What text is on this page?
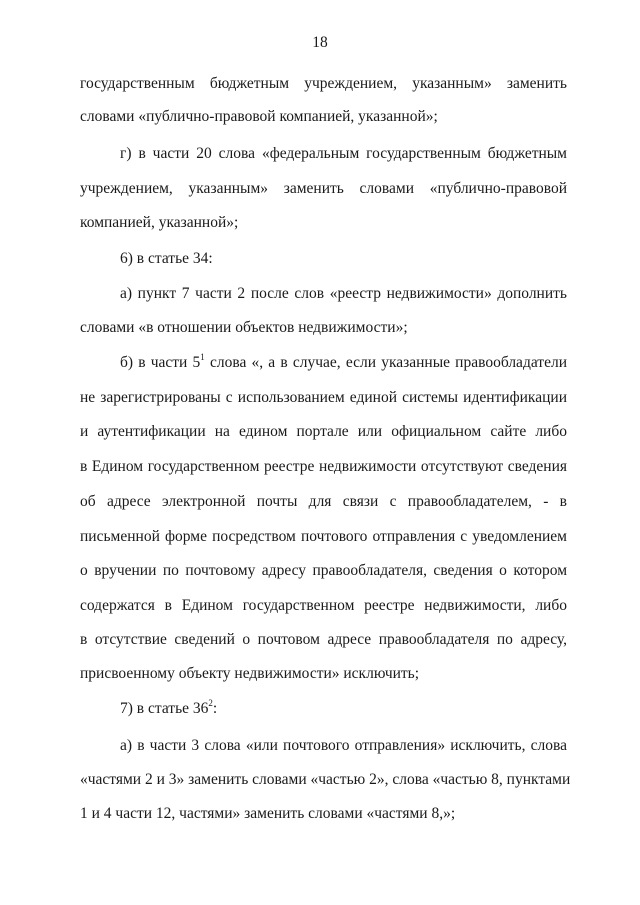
18
государственным бюджетным учреждением, указанным» заменить
словами «публично-правовой компанией, указанной»;
г) в части 20 слова «федеральным государственным бюджетным
учреждением, указанным» заменить словами «публично-правовой
компанией, указанной»;
6) в статье 34:
а) пункт 7 части 2 после слов «реестр недвижимости» дополнить
словами «в отношении объектов недвижимости»;
б) в части $5^1$ слова «, а в случае, если указанные правообладатели
не зарегистрированы с использованием единой системы идентификации
и аутентификации на едином портале или официальном сайте либо
в Едином государственном реестре недвижимости отсутствуют сведения
об адресе электронной почты для связи с правообладателем, - в
письменной форме посредством почтового отправления с уведомлением
о вручении по почтовому адресу правообладателя, сведения о котором
содержатся в Едином государственном реестре недвижимости, либо
в отсутствие сведений о почтовом адресе правообладателя по адресу,
присвоенному объекту недвижимости» исключить;
7) в статье $36^2$:
а) в части 3 слова «или почтового отправления» исключить, слова
«частями 2 и 3» заменить словами «частью 2», слова «частью 8, пунктами
1 и 4 части 12, частями» заменить словами «частями 8,»;
